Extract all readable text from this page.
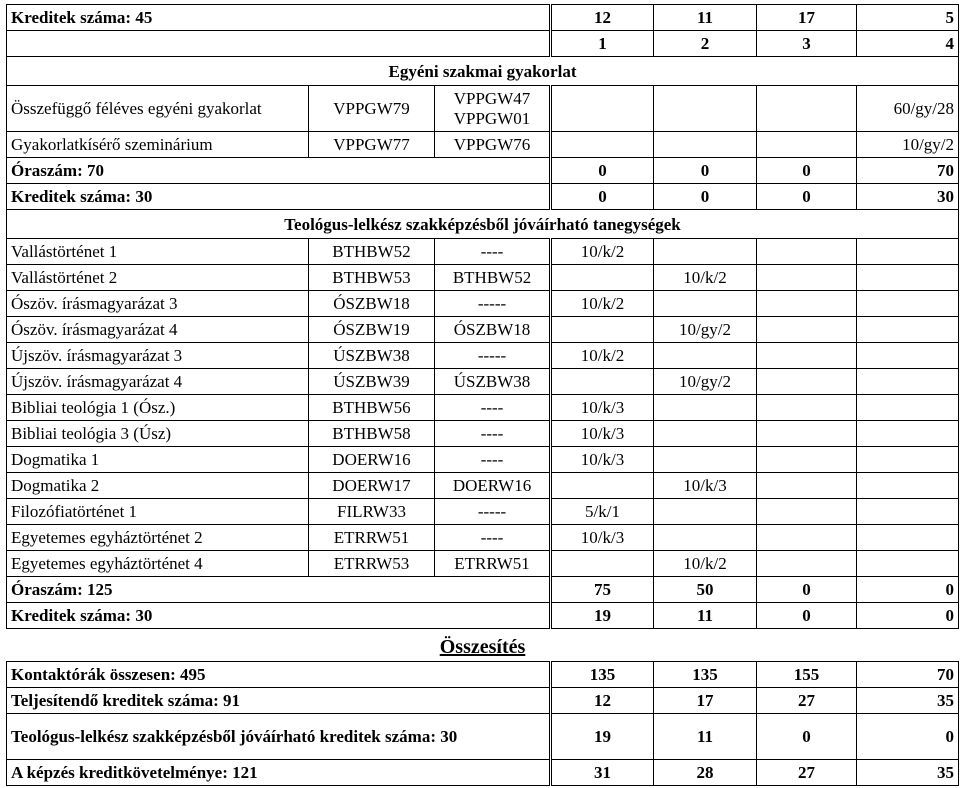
Kreditek száma: 45			12	11	17	5
			1	2	3	4
Egyéni szakmai gyakorlat						
Összefüggő féléves egyéni gyakorlat	VPPGW79	VPPGW47 VPPGW01				60/gy/28
Gyakorlatkísérő szeminárium	VPPGW77	VPPGW76				10/gy/2
Óraszám: 70			0	0	0	70
Kreditek száma: 30			0	0	0	30
Teológus-lelkész szakképzésből jóváírható tanegységek						
Vallástörténet 1	BTHBW52	----	10/k/2			
Vallástörténet 2	BTHBW53	BTHBW52		10/k/2		
Ószöv. írásmagyarázat 3	ÓSZBW18	-----	10/k/2			
Ószöv. írásmagyarázat 4	ÓSZBW19	ÓSZBW18		10/gy/2		
Újszöv. írásmagyarázat 3	ÚSZBW38	-----	10/k/2			
Újszöv. írásmagyarázat 4	ÚSZBW39	ÚSZBW38		10/gy/2		
Bibliai teológia 1 (Ósz.)	BTHBW56	----	10/k/3			
Bibliai teológia 3 (Úsz)	BTHBW58	----	10/k/3			
Dogmatika 1	DOERW16	----	10/k/3			
Dogmatika 2	DOERW17	DOERW16		10/k/3		
Filozófiatörténet 1	FILRW33	-----	5/k/1			
Egyetemes egyháztörténet 2	ETRRW51	----	10/k/3			
Egyetemes egyháztörténet 4	ETRRW53	ETRRW51		10/k/2		
Óraszám: 125			75	50	0	0
Kreditek száma: 30			19	11	0	0
Összesítés				
Kontaktórák összesen: 495	135	135	155	70
Teljesítendő kreditek száma: 91	12	17	27	35
Teológus-lelkész szakképzésből jóváírható kreditek száma: 30	19	11	0	0
A képzés kreditkövetelménye: 121	31	28	27	35
